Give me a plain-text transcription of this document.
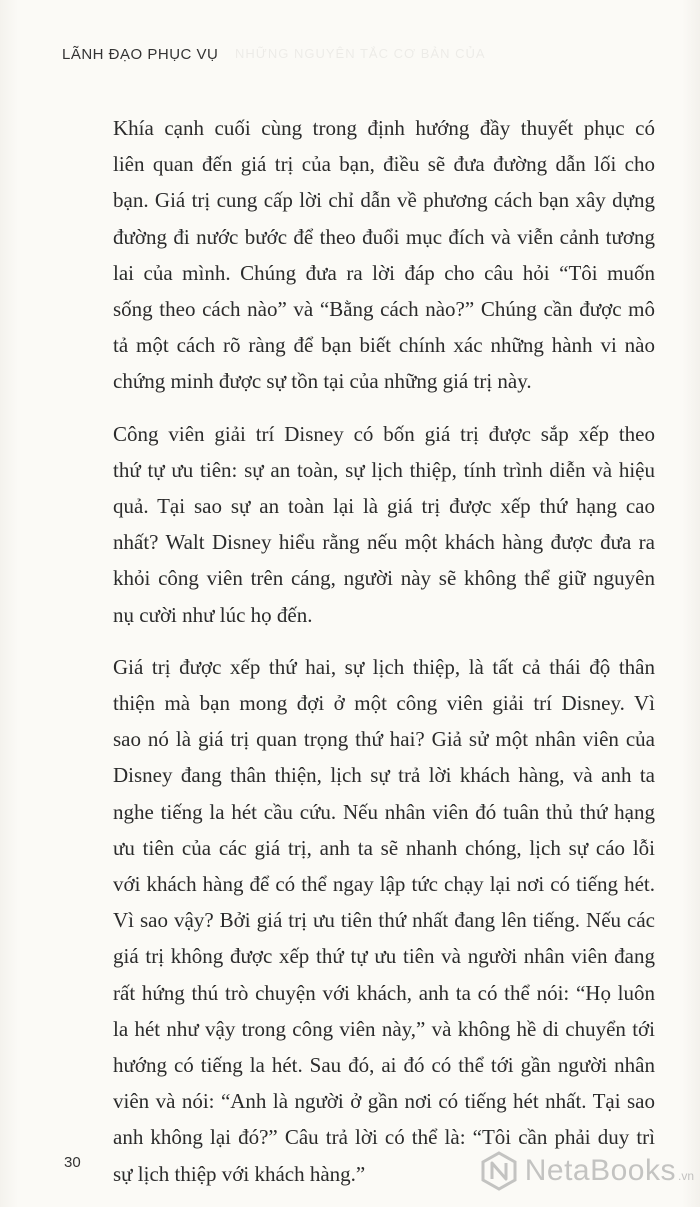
LÃNH ĐẠO PHỤC VỤ NHỮNG NGUYÊN TẮC CƠ BẢN CỦA

Khía cạnh cuối cùng trong định hướng đầy thuyết phục có
liên quan đến giá trị của bạn, điều sẽ đưa đường dẫn lối cho
bạn. Giá trị cung cấp lời chỉ dẫn về phương cách bạn xây dựng
đường đi nước bước để theo đuổi mục đích và viễn cảnh tương
lai của mình. Chúng đưa ra lời đáp cho câu hỏi “Tôi muốn
sống theo cách nào” và “Bằng cách nào?” Chúng cần được mô
tả một cách rõ ràng để bạn biết chính xác những hành vi nào
chứng minh được sự tồn tại của những giá trị này.

Công viên giải trí Disney có bốn giá trị được sắp xếp theo
thứ tự ưu tiên: sự an toàn, sự lịch thiệp, tính trình diễn và hiệu
quả. Tại sao sự an toàn lại là giá trị được xếp thứ hạng cao
nhất? Walt Disney hiểu rằng nếu một khách hàng được đưa ra
khỏi công viên trên cáng, người này sẽ không thể giữ nguyên
nụ cười như lúc họ đến.

Giá trị được xếp thứ hai, sự lịch thiệp, là tất cả thái độ thân
thiện mà bạn mong đợi ở một công viên giải trí Disney. Vì
sao nó là giá trị quan trọng thứ hai? Giả sử một nhân viên của
Disney đang thân thiện, lịch sự trả lời khách hàng, và anh ta
nghe tiếng la hét cầu cứu. Nếu nhân viên đó tuân thủ thứ hạng
ưu tiên của các giá trị, anh ta sẽ nhanh chóng, lịch sự cáo lỗi
với khách hàng để có thể ngay lập tức chạy lại nơi có tiếng hét.
Vì sao vậy? Bởi giá trị ưu tiên thứ nhất đang lên tiếng. Nếu các
giá trị không được xếp thứ tự ưu tiên và người nhân viên đang
rất hứng thú trò chuyện với khách, anh ta có thể nói: “Họ luôn
la hét như vậy trong công viên này,” và không hề di chuyển tới
hướng có tiếng la hét. Sau đó, ai đó có thể tới gần người nhân
viên và nói: “Anh là người ở gần nơi có tiếng hét nhất. Tại sao
anh không lại đó?” Câu trả lời có thể là: “Tôi cần phải duy trì
sự lịch thiệp với khách hàng.”

30	NetaBooks .vn
